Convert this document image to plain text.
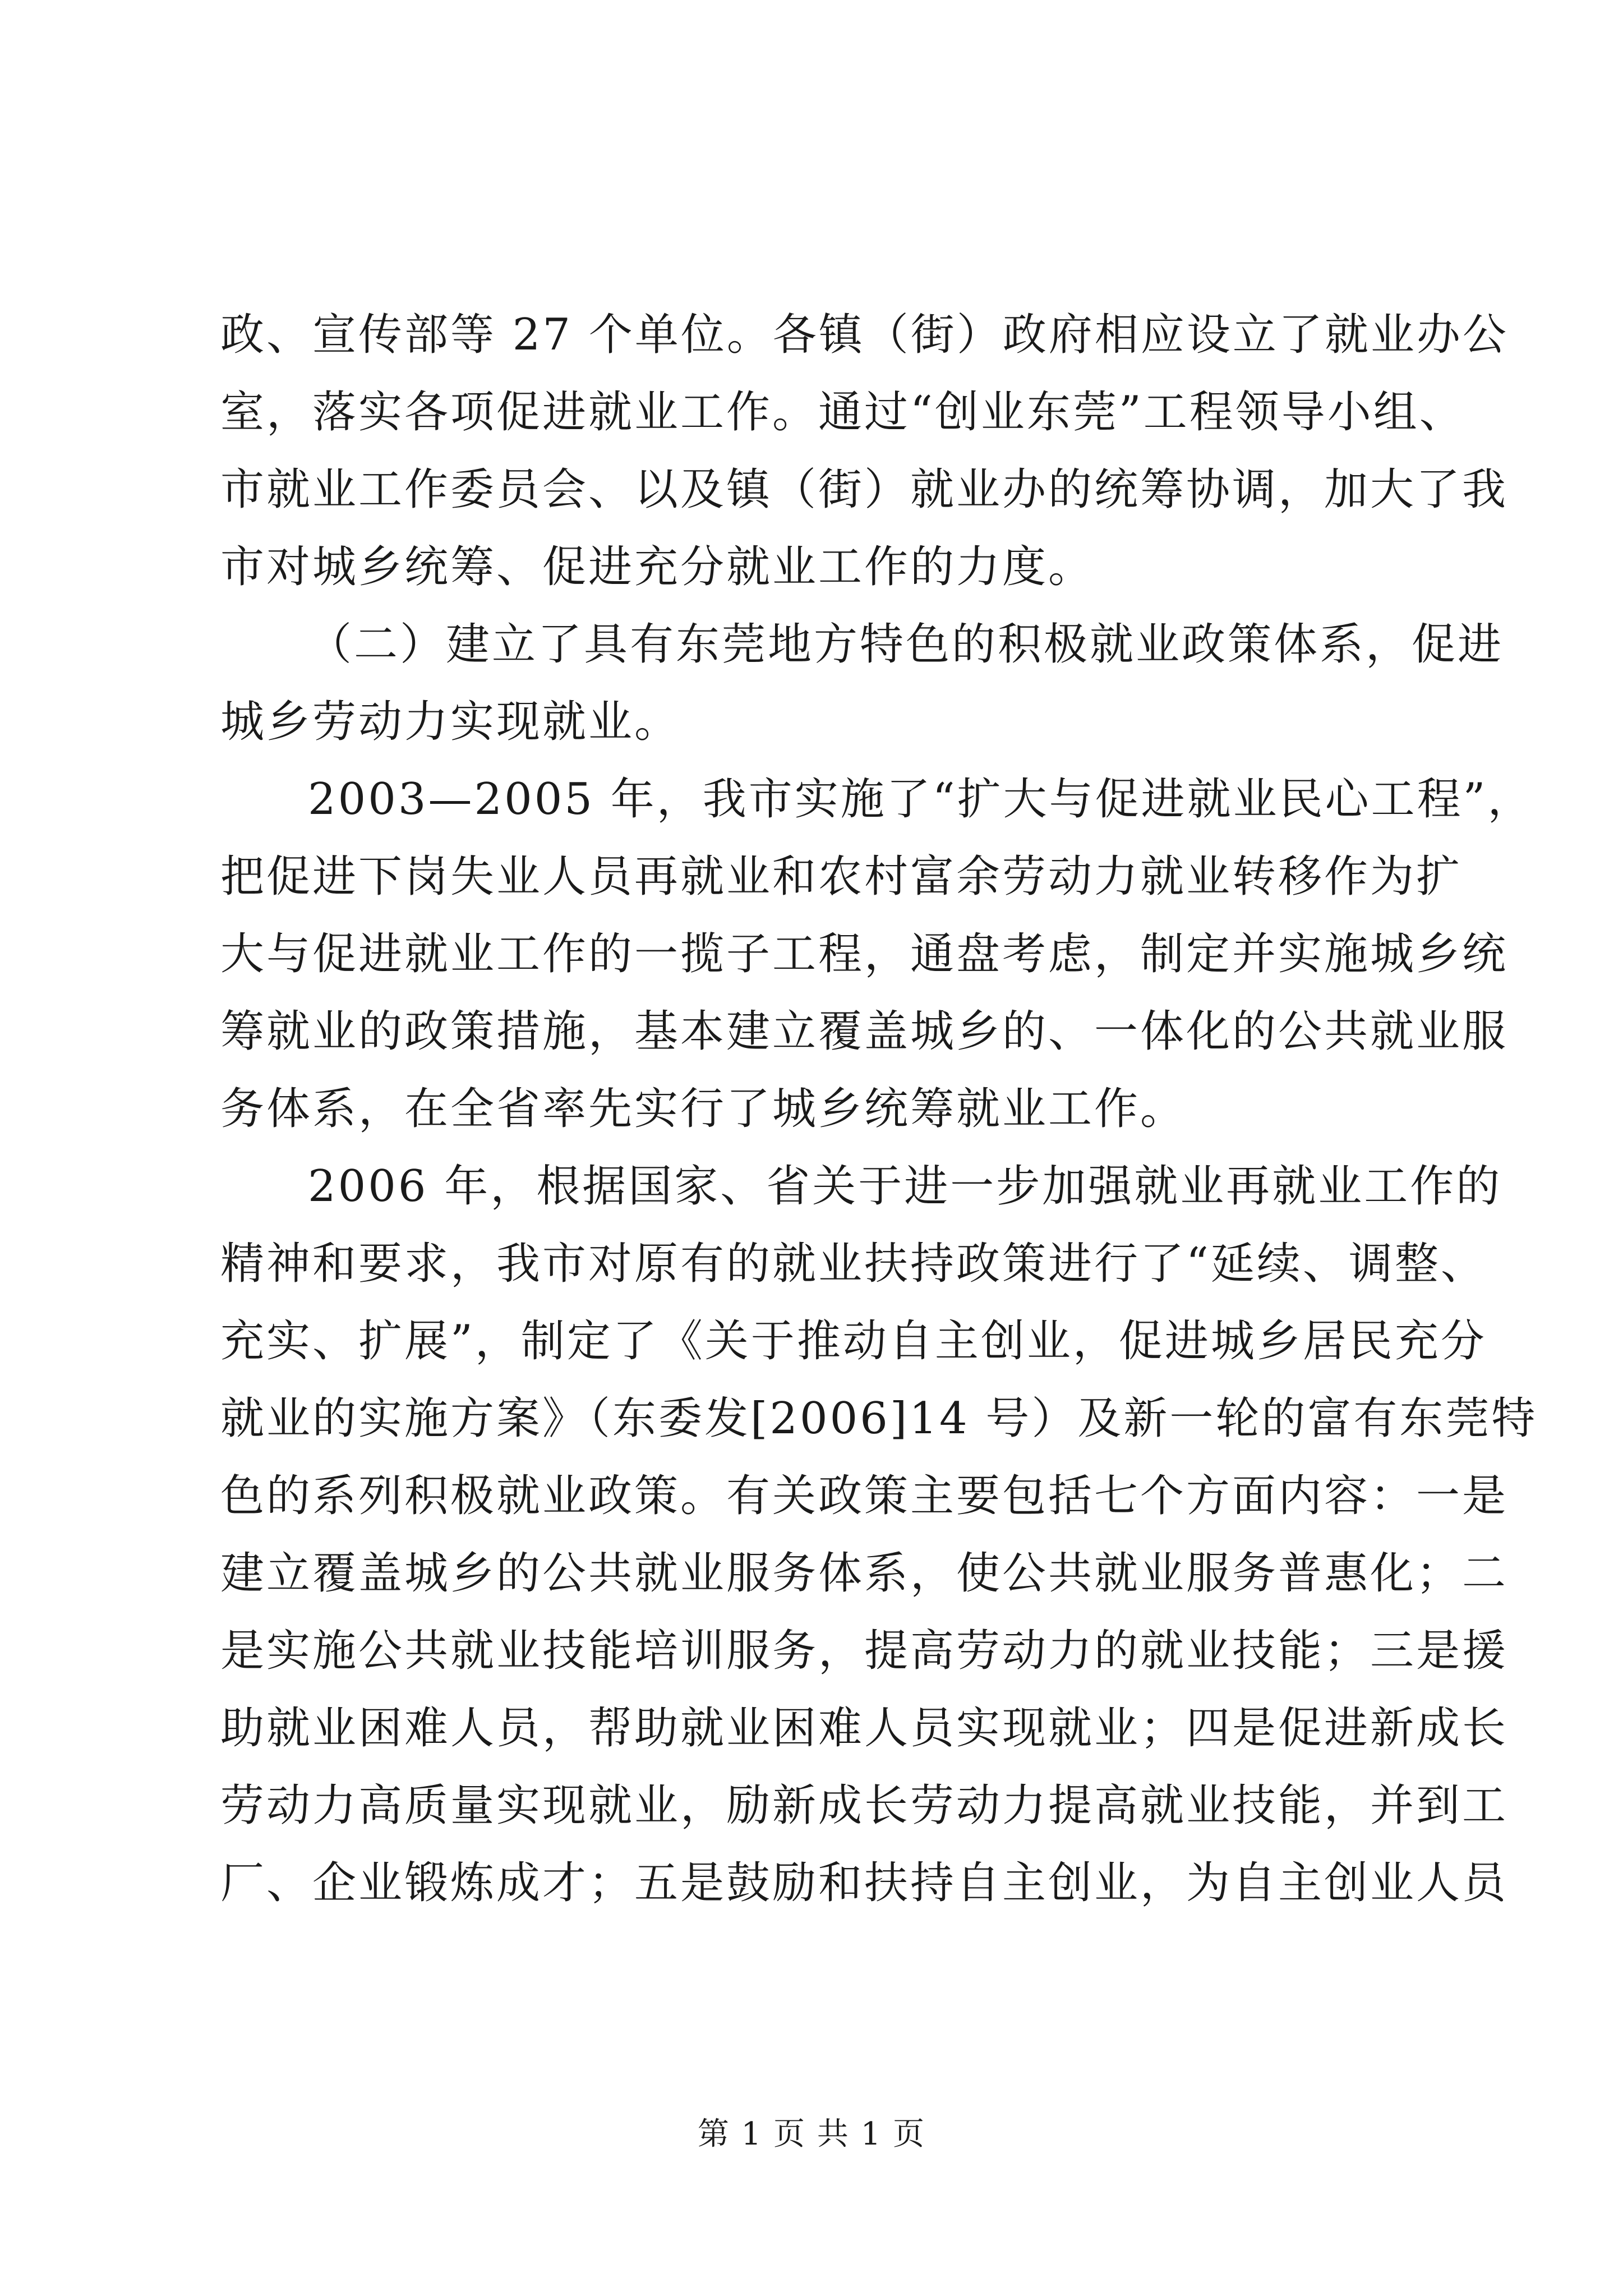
政、宣传部等 27 个单位。各镇（街）政府相应设立了就业办公
室，落实各项促进就业工作。通过“创业东莞”工程领导小组、
市就业工作委员会、以及镇（街）就业办的统筹协调，加大了我
市对城乡统筹、促进充分就业工作的力度。
（二）建立了具有东莞地方特色的积极就业政策体系，促进
城乡劳动力实现就业。
2003—2005 年，我市实施了“扩大与促进就业民心工程”，
把促进下岗失业人员再就业和农村富余劳动力就业转移作为扩
大与促进就业工作的一揽子工程，通盘考虑，制定并实施城乡统
筹就业的政策措施，基本建立覆盖城乡的、一体化的公共就业服
务体系，在全省率先实行了城乡统筹就业工作。
2006 年，根据国家、省关于进一步加强就业再就业工作的
精神和要求，我市对原有的就业扶持政策进行了“延续、调整、
充实、扩展”，制定了《关于推动自主创业，促进城乡居民充分
就业的实施方案》（东委发[2006]14 号）及新一轮的富有东莞特
色的系列积极就业政策。有关政策主要包括七个方面内容：一是
建立覆盖城乡的公共就业服务体系，使公共就业服务普惠化；二
是实施公共就业技能培训服务，提高劳动力的就业技能；三是援
助就业困难人员，帮助就业困难人员实现就业；四是促进新成长
劳动力高质量实现就业，励新成长劳动力提高就业技能，并到工
厂、企业锻炼成才；五是鼓励和扶持自主创业，为自主创业人员
第 1 页 共 1 页
